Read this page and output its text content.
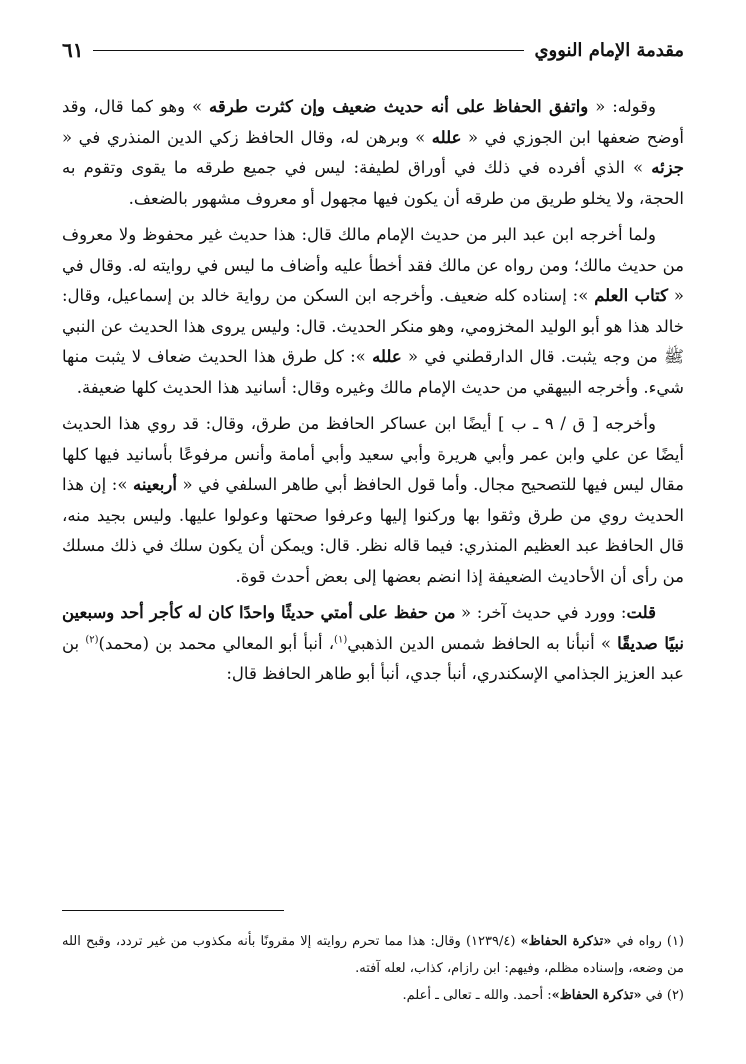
مقدمة الإمام النووي
٦١

وقوله: « واتفق الحفاظ على أنه حديث ضعيف وإن كثرت طرقه » وهو كما قال، وقد أوضح ضعفها ابن الجوزي في « علله » وبرهن له، وقال الحافظ زكي الدين المنذري في « جزئه » الذي أفرده في ذلك في أوراق لطيفة: ليس في جميع طرقه ما يقوى وتقوم به الحجة، ولا يخلو طريق من طرقه أن يكون فيها مجهول أو معروف مشهور بالضعف.

ولما أخرجه ابن عبد البر من حديث الإمام مالك قال: هذا حديث غير محفوظ ولا معروف من حديث مالك؛ ومن رواه عن مالك فقد أخطأ عليه وأضاف ما ليس في روايته له. وقال في « كتاب العلم »: إسناده كله ضعيف. وأخرجه ابن السكن من رواية خالد بن إسماعيل، وقال: خالد هذا هو أبو الوليد المخزومي، وهو منكر الحديث. قال: وليس يروى هذا الحديث عن النبي ﷺ من وجه يثبت. قال الدارقطني في « علله »: كل طرق هذا الحديث ضعاف لا يثبت منها شيء. وأخرجه البيهقي من حديث الإمام مالك وغيره وقال: أسانيد هذا الحديث كلها ضعيفة.

وأخرجه [ ق / ٩ ـ ب ] أيضًا ابن عساكر الحافظ من طرق، وقال: قد روي هذا الحديث أيضًا عن علي وابن عمر وأبي هريرة وأبي سعيد وأبي أمامة وأنس مرفوعًا بأسانيد فيها كلها مقال ليس فيها للتصحيح مجال. وأما قول الحافظ أبي طاهر السلفي في « أربعينه »: إن هذا الحديث روي من طرق وثقوا بها وركنوا إليها وعرفوا صحتها وعولوا عليها. وليس بجيد منه، قال الحافظ عبد العظيم المنذري: فيما قاله نظر. قال: ويمكن أن يكون سلك في ذلك مسلك من رأى أن الأحاديث الضعيفة إذا انضم بعضها إلى بعض أحدث قوة.

قلت: وورد في حديث آخر: « من حفظ على أمتي حديثًا واحدًا كان له كأجر أحد وسبعين نبيًا صديقًا » أنبأنا به الحافظ شمس الدين الذهبي$^{(١)}$، أنبأ أبو المعالي محمد بن (محمد)$^{(٢)}$ بن عبد العزيز الجذامي الإسكندري، أنبأ جدي، أنبأ أبو طاهر الحافظ قال:

(١) رواه في «تذكرة الحفاظ» (١٢٣٩/٤) وقال: هذا مما تحرم روايته إلا مقرونًا بأنه مكذوب من غير تردد، وقبح الله من وضعه، وإسناده مظلم، وفيهم: ابن رازام، كذاب، لعله آفته.

(٢) في «تذكرة الحفاظ»: أحمد. والله ـ تعالى ـ أعلم.
